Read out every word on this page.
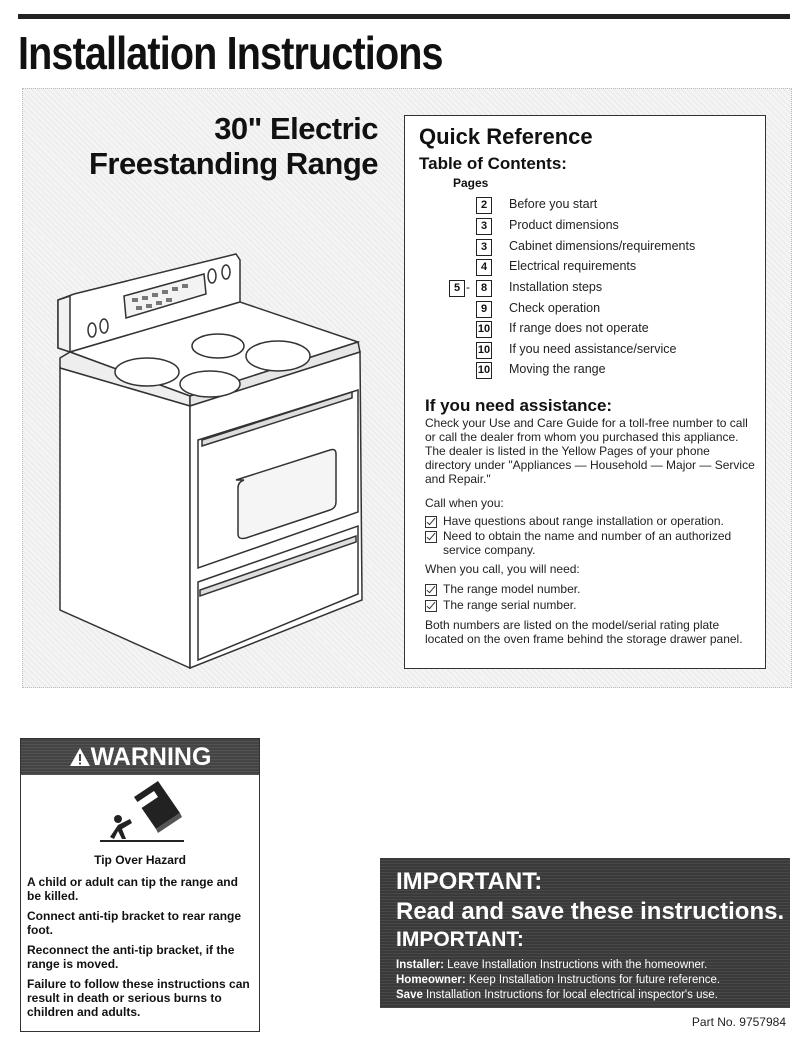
Installation Instructions
30" Electric
Freestanding Range
Quick Reference
Table of Contents:
Pages
2	Before you start
3	Product dimensions
3	Cabinet dimensions/requirements
4	Electrical requirements
5 - 8	Installation steps
9	Check operation
10 If range does not operate
10 If you need assistance/service
10 Moving the range
If you need assistance:
Check your Use and Care Guide for a toll-free number to call or call the dealer from whom you purchased this appliance. The dealer is listed in the Yellow Pages of your phone directory under "Appliances — Household — Major — Service and Repair."
Call when you:
Have questions about range installation or operation.
Need to obtain the name and number of an authorized service company.
When you call, you will need:
The range model number.
The range serial number.
Both numbers are listed on the model/serial rating plate located on the oven frame behind the storage drawer panel.
WARNING
Tip Over Hazard
A child or adult can tip the range and be killed.
Connect anti-tip bracket to rear range foot.
Reconnect the anti-tip bracket, if the range is moved.
Failure to follow these instructions can result in death or serious burns to children and adults.
IMPORTANT:
Read and save these instructions.
IMPORTANT:
Installer: Leave Installation Instructions with the homeowner.
Homeowner: Keep Installation Instructions for future reference.
Save Installation Instructions for local electrical inspector's use.
Part No. 9757984
